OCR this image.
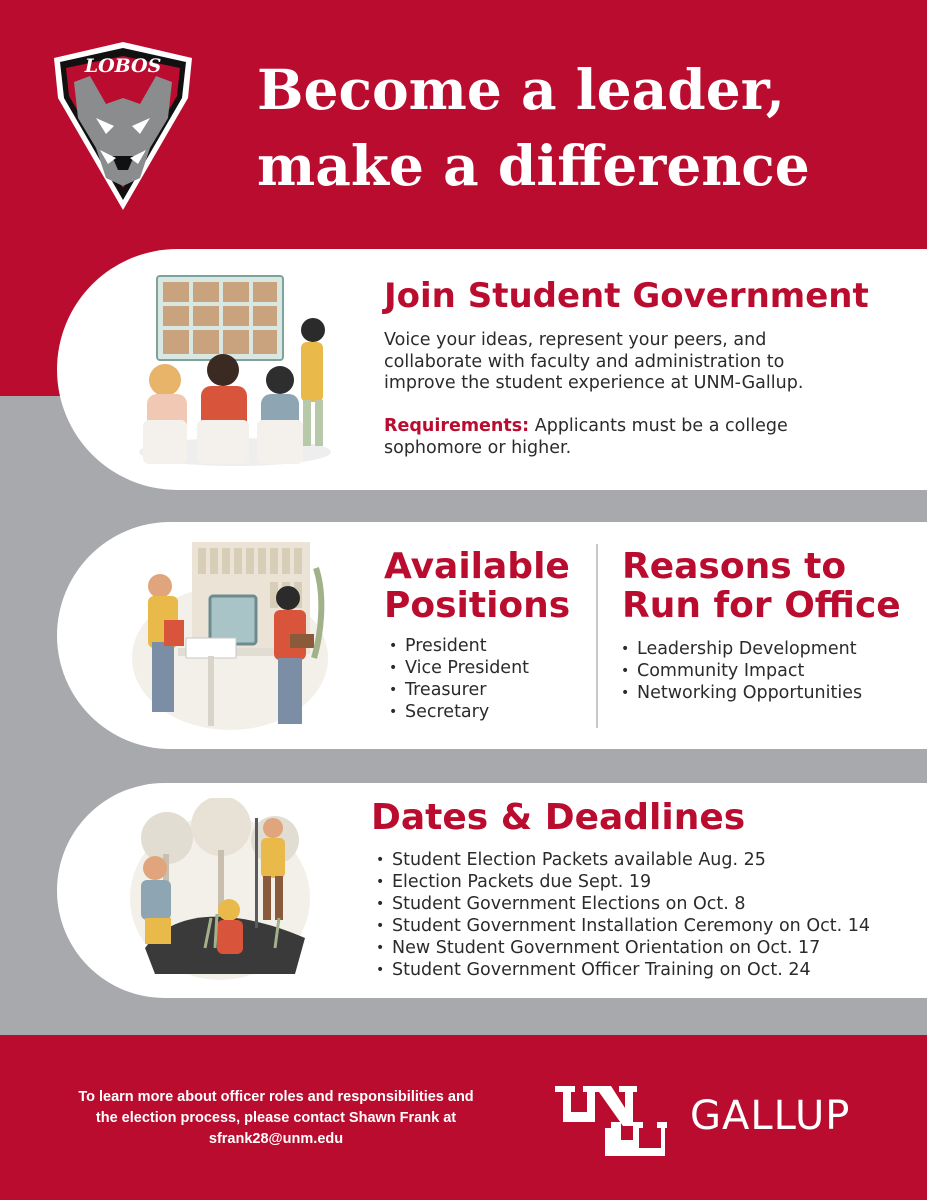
LOBOS Become a leader,
make a difference
Join Student Government

Voice your ideas, represent your peers, and collaborate with faculty and administration to improve the student experience at UNM-Gallup.

Requirements: Applicants must be a college sophomore or higher.

Available
Positions
Reasons to
Run for Office
• President
• Vice President
• Treasurer
• Secretary
• Leadership Development
• Community Impact
• Networking Opportunities
Dates & Deadlines
• Student Election Packets available Aug. 25
• Election Packets due Sept. 19
• Student Government Elections on Oct. 8
• Student Government Installation Ceremony on Oct. 14
• New Student Government Orientation on Oct. 17
• Student Government Officer Training on Oct. 24

To learn more about officer roles and responsibilities and the election process, please contact Shawn Frank at sfrank28@unm.edu	GALLUP
